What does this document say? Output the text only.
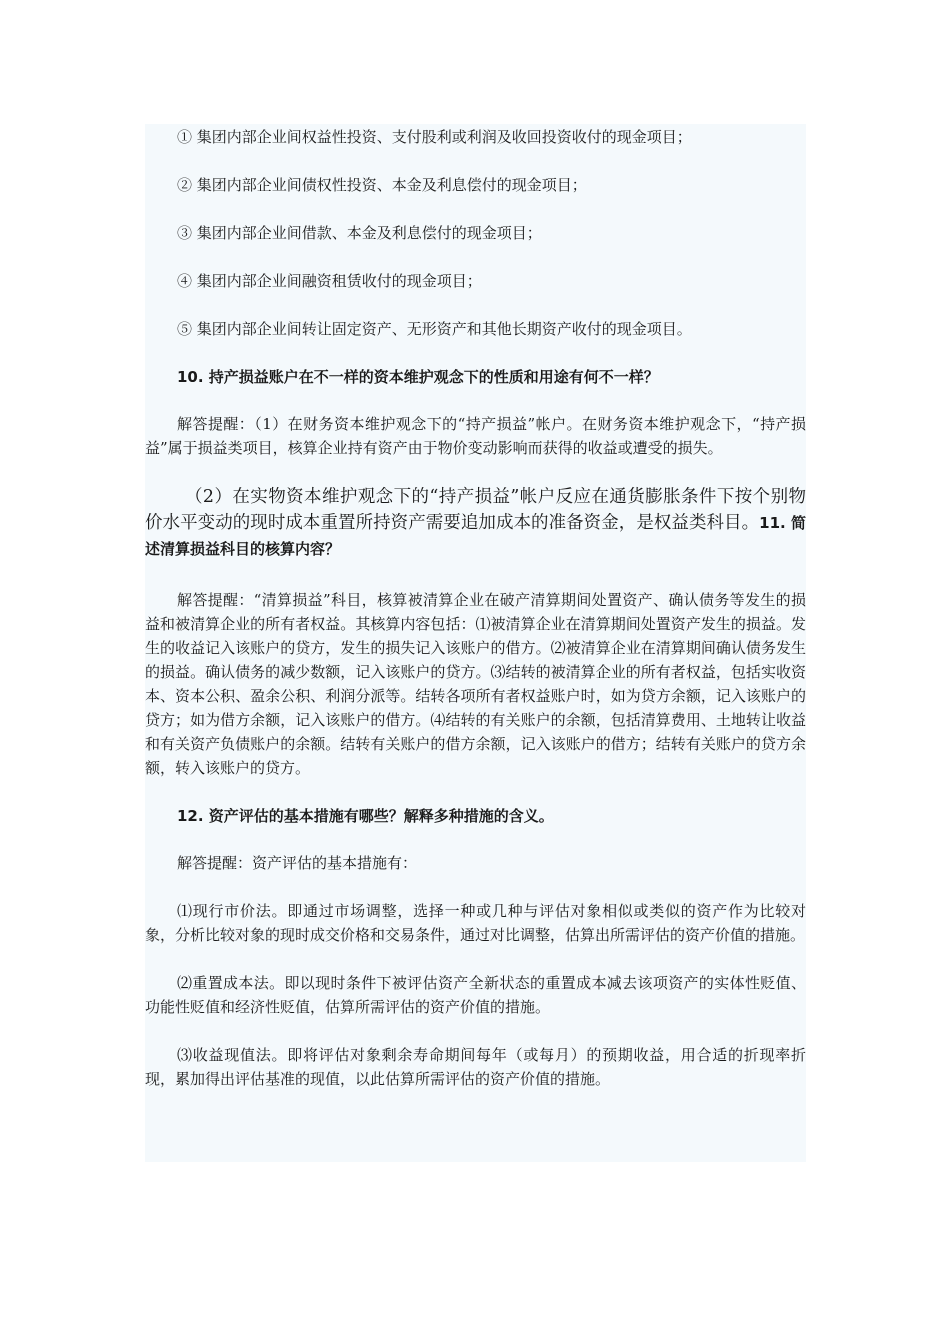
① 集团内部企业间权益性投资、支付股利或利润及收回投资收付的现金项目；

② 集团内部企业间债权性投资、本金及利息偿付的现金项目；

③ 集团内部企业间借款、本金及利息偿付的现金项目；

④ 集团内部企业间融资租赁收付的现金项目；

⑤ 集团内部企业间转让固定资产、无形资产和其他长期资产收付的现金项目。

10. 持产损益账户在不一样的资本维护观念下的性质和用途有何不一样？

解答提醒：（1）在财务资本维护观念下的“持产损益”帐户。在财务资本维护观念下，“持产损益”属于损益类项目，核算企业持有资产由于物价变动影响而获得的收益或遭受的损失。

（2）在实物资本维护观念下的“持产损益”帐户反应在通货膨胀条件下按个别物价水平变动的现时成本重置所持资产需要追加成本的准备资金，是权益类科目。11. 简述清算损益科目的核算内容？

解答提醒：“清算损益”科目，核算被清算企业在破产清算期间处置资产、确认债务等发生的损益和被清算企业的所有者权益。其核算内容包括：⑴被清算企业在清算期间处置资产发生的损益。发生的收益记入该账户的贷方，发生的损失记入该账户的借方。⑵被清算企业在清算期间确认债务发生的损益。确认债务的减少数额，记入该账户的贷方。⑶结转的被清算企业的所有者权益，包括实收资本、资本公积、盈余公积、利润分派等。结转各项所有者权益账户时，如为贷方余额，记入该账户的贷方；如为借方余额，记入该账户的借方。⑷结转的有关账户的余额，包括清算费用、土地转让收益和有关资产负债账户的余额。结转有关账户的借方余额，记入该账户的借方；结转有关账户的贷方余额，转入该账户的贷方。

12. 资产评估的基本措施有哪些？解释多种措施的含义。

解答提醒：资产评估的基本措施有：

⑴现行市价法。即通过市场调整，选择一种或几种与评估对象相似或类似的资产作为比较对象，分析比较对象的现时成交价格和交易条件，通过对比调整，估算出所需评估的资产价值的措施。

⑵重置成本法。即以现时条件下被评估资产全新状态的重置成本减去该项资产的实体性贬值、功能性贬值和经济性贬值，估算所需评估的资产价值的措施。

⑶收益现值法。即将评估对象剩余寿命期间每年（或每月）的预期收益，用合适的折现率折现，累加得出评估基准的现值，以此估算所需评估的资产价值的措施。
